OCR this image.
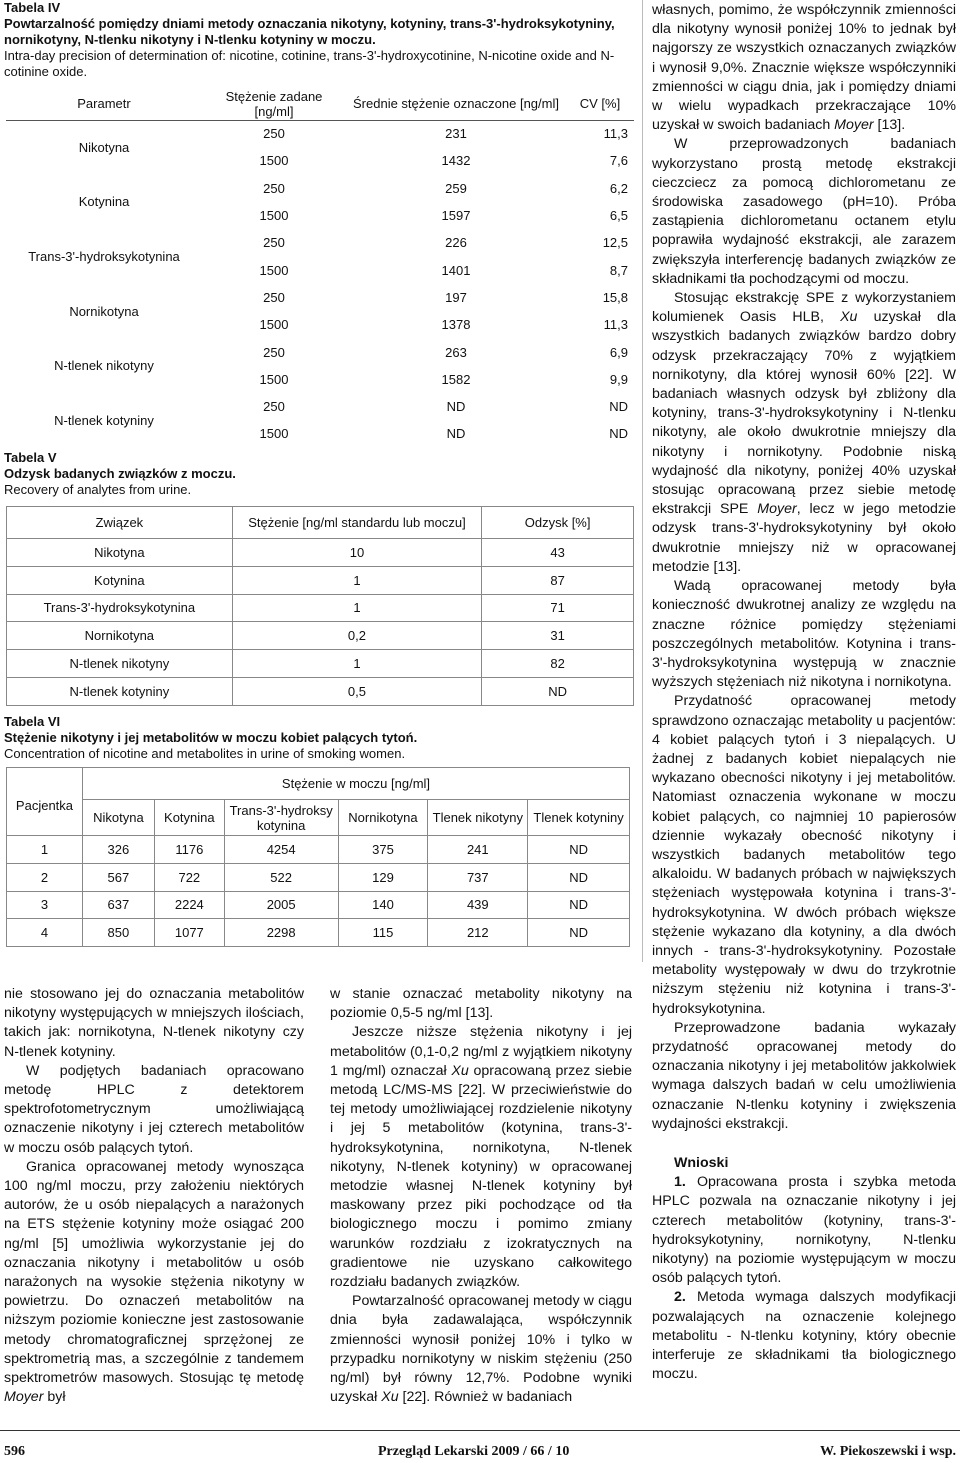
Tabela IV
Powtarzalność pomiędzy dniami metody oznaczania nikotyny, kotyniny, trans-3'-hydroksykotyniny, nornikotyny, N-tlenku nikotyny i N-tlenku kotyniny w moczu.
Intra-day precision of determination of: nicotine, cotinine, trans-3'-hydroxycotinine, N-nicotine oxide and N-cotinine oxide.
Parametr	Stężenie zadane [ng/ml]	Średnie stężenie oznaczone [ng/ml]	CV [%]
Nikotyna	250	231	11,3
	1500	1432	7,6
Kotynina	250	259	6,2
	1500	1597	6,5
Trans-3'-hydroksykotynina	250	226	12,5
	1500	1401	8,7
Nornikotyna	250	197	15,8
	1500	1378	11,3
N-tlenek nikotyny	250	263	6,9
	1500	1582	9,9
N-tlenek kotyniny	250	ND	ND
	1500	ND	ND
Tabela V
Odzysk badanych związków z moczu.
Recovery of analytes from urine.
Związek	Stężenie [ng/ml standardu lub moczu]	Odzysk [%]
Nikotyna	10	43
Kotynina	1	87
Trans-3'-hydroksykotynina	1	71
Nornikotyna	0,2	31
N-tlenek nikotyny	1	82
N-tlenek kotyniny	0,5	ND
Tabela VI
Stężenie nikotyny i jej metabolitów w moczu kobiet palących tytoń.
Concentration of nicotine and metabolites in urine of smoking women.
Pacjentka	Stężenie w moczu [ng/ml]					
	Nikotyna	Kotynina	Trans-3'-hydroksy kotynina	Nornikotyna	Tlenek nikotyny	Tlenek kotyniny
1	326	1176	4254	375	241	ND
2	567	722	522	129	737	ND
3	637	2224	2005	140	439	ND
4	850	1077	2298	115	212	ND

własnych, pomimo, że współczynnik zmienności dla nikotyny wynosił poniżej 10% to jednak był najgorszy ze wszystkich oznaczanych związków i wynosił 9,0%. Znacznie większe współczynniki zmienności w ciągu dnia, jak i pomiędzy dniami w wielu wypadkach przekraczające 10% uzyskał w swoich badaniach Moyer [13].

W przeprowadzonych badaniach wykorzystano prostą metodę ekstrakcji cieczciecz za pomocą dichlorometanu ze środowiska zasadowego (pH=10). Próba zastąpienia dichlorometanu octanem etylu poprawiła wydajność ekstrakcji, ale zarazem zwiększyła interferencję badanych związków ze składnikami tła pochodzącymi od moczu.

Stosując ekstrakcję SPE z wykorzystaniem kolumienek Oasis HLB, Xu uzyskał dla wszystkich badanych związków bardzo dobry odzysk przekraczający 70% z wyjątkiem nornikotyny, dla której wynosił 60% [22]. W badaniach własnych odzysk był zbliżony dla kotyniny, trans-3'-hydroksykotyniny i N-tlenku nikotyny, ale około dwukrotnie mniejszy dla nikotyny i nornikotyny. Podobnie niską wydajność dla nikotyny, poniżej 40% uzyskał stosując opracowaną przez siebie metodę ekstrakcji SPE Moyer, lecz w jego metodzie odzysk trans-3'-hydroksykotyniny był około dwukrotnie mniejszy niż w opracowanej metodzie [13].

Wadą opracowanej metody była konieczność dwukrotnej analizy ze względu na znaczne różnice pomiędzy stężeniami poszczególnych metabolitów. Kotynina i trans-3'-hydroksykotynina występują w znacznie wyższych stężeniach niż nikotyna i nornikotyna.

Przydatność opracowanej metody sprawdzono oznaczając metabolity u pacjentów: 4 kobiet palących tytoń i 3 niepalących. U żadnej z badanych kobiet niepalących nie wykazano obecności nikotyny i jej metabolitów. Natomiast oznaczenia wykonane w moczu kobiet palących, co najmniej 10 papierosów dziennie wykazały obecność nikotyny i wszystkich badanych metabolitów tego alkaloidu. W badanych próbach w największych stężeniach występowała kotynina i trans-3'-hydroksykotynina. W dwóch próbach większe stężenie wykazano dla kotyniny, a dla dwóch innych - trans-3'-hydroksykotyniny. Pozostałe metabolity występowały w dwu do trzykrotnie niższym stężeniu niż kotynina i trans-3'-hydroksykotynina.

Przeprowadzone badania wykazały przydatność opracowanej metody do oznaczania nikotyny i jej metabolitów jakkolwiek wymaga dalszych badań w celu umożliwienia oznaczanie N-tlenku kotyniny i zwiększenia wydajności ekstrakcji.

Wnioski

1. Opracowana prosta i szybka metoda HPLC pozwala na oznaczanie nikotyny i jej czterech metabolitów (kotyniny, trans-3'-hydroksykotyniny, nornikotyny, N-tlenku nikotyny) na poziomie występującym w moczu osób palących tytoń.

2. Metoda wymaga dalszych modyfikacji pozwalających na oznaczenie kolejnego metabolitu - N-tlenku kotyniny, który obecnie interferuje ze składnikami tła biologicznego moczu.

nie stosowano jej do oznaczania metabolitów nikotyny występujących w mniejszych ilościach, takich jak: nornikotyna, N-tlenek nikotyny czy N-tlenek kotyniny.

W podjętych badaniach opracowano metodę HPLC z detektorem spektrofotometrycznym umożliwiającą oznaczenie nikotyny i jej czterech metabolitów w moczu osób palących tytoń.

Granica opracowanej metody wynosząca 100 ng/ml moczu, przy założeniu niektórych autorów, że u osób niepalących a narażonych na ETS stężenie kotyniny może osiągać 200 ng/ml [5] umożliwia wykorzystanie jej do oznaczania nikotyny i metabolitów u osób narażonych na wysokie stężenia nikotyny w powietrzu. Do oznaczeń metabolitów na niższym poziomie konieczne jest zastosowanie metody chromatograficznej sprzężonej ze spektrometrią mas, a szczególnie z tandemem spektrometrów masowych. Stosując tę metodę Moyer był

w stanie oznaczać metabolity nikotyny na poziomie 0,5-5 ng/ml [13].

Jeszcze niższe stężenia nikotyny i jej metabolitów (0,1-0,2 ng/ml z wyjątkiem nikotyny 1 mg/ml) oznaczał Xu opracowaną przez siebie metodą LC/MS-MS [22]. W przeciwieństwie do tej metody umożliwiającej rozdzielenie nikotyny i jej 5 metabolitów (kotynina, trans-3'-hydroksykotynina, nornikotyna, N-tlenek nikotyny, N-tlenek kotyniny) w opracowanej metodzie własnej N-tlenek kotyniny był maskowany przez piki pochodzące od tła biologicznego moczu i pomimo zmiany warunków rozdziału z izokratycznych na gradientowe nie uzyskano całkowitego rozdziału badanych związków.

Powtarzalność opracowanej metody w ciągu dnia była zadawalająca, współczynnik zmienności wynosił poniżej 10% i tylko w przypadku nornikotyny w niskim stężeniu (250 ng/ml) był równy 12,7%. Podobne wyniki uzyskał Xu [22]. Również w badaniach

596	Przegląd Lekarski 2009 / 66 / 10	W. Piekoszewski i wsp.
